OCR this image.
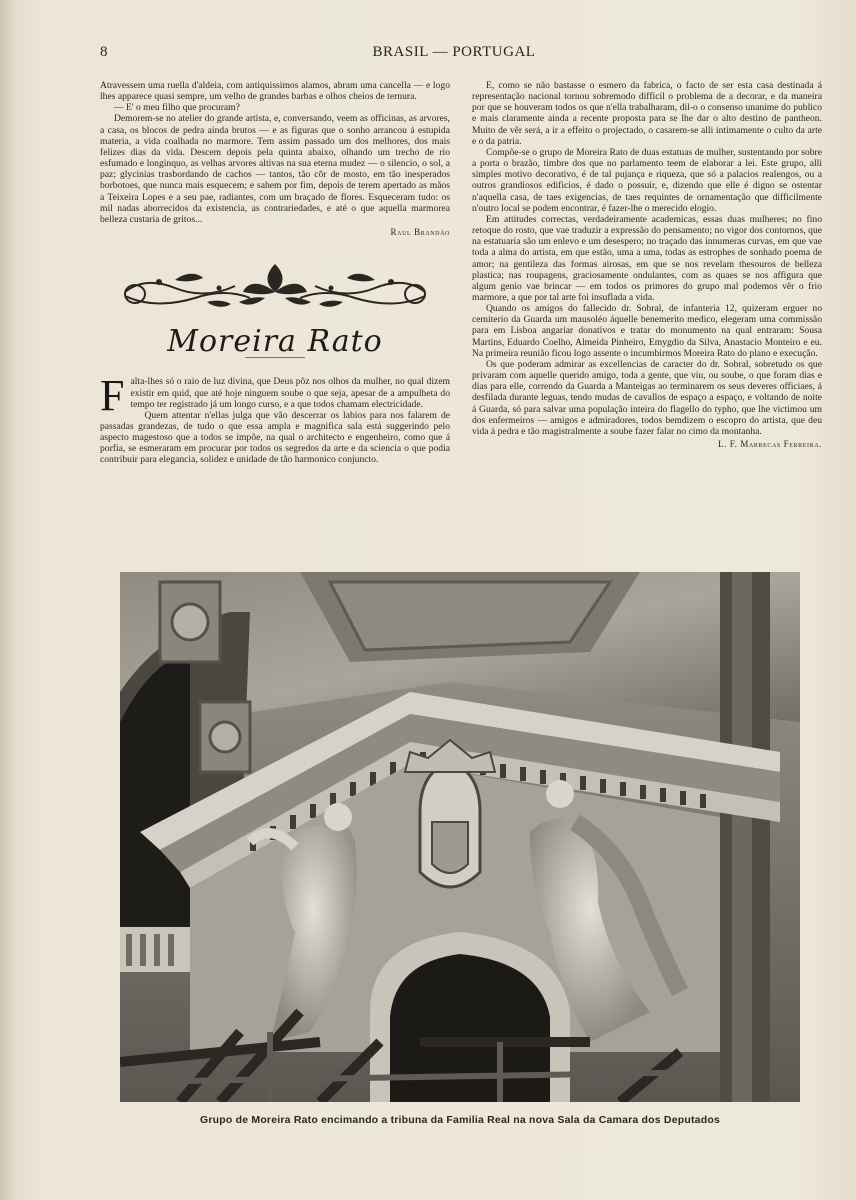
8	BRASIL — PORTUGAL

Atravessem uma ruella d'aldeia, com antiquissimos alamos, abram uma cancella — e logo lhes apparece quasi sempre, um velho de grandes barbas e olhos cheios de ternura.

— E' o meu filho que procuram?

Demorem-se no atelier do grande artista, e, conversando, veem as officinas, as arvores, a casa, os blocos de pedra ainda brutos — e as figuras que o sonho arrancou á estupida materia, a vida coalhada no marmore. Tem assim passado um dos melhores, dos mais felizes dias da vida. Descem depois pela quinta abaixo, olhando um trecho de rio esfumado e longinquo, as velhas arvores altivas na sua eterna mudez — o silencio, o sol, a paz; glycinias trasbordando de cachos — tantos, tão côr de mosto, em tão inesperados borbotoes, que nunca mais esquecem; e sahem por fim, depois de terem apertado as mãos a Teixeira Lopes e a seu pae, radiantes, com um braçado de flores. Esqueceram tudo: os mil nadas aborrecidos da existencia, as contrariedades, e até o que aquella marmorea belleza custaria de gritos...

Raul Brandão
Moreira Rato
F alta-lhes só o raio de luz divina, que Deus pôz nos olhos da mulher, no qual dizem existir em quid, que até hoje ninguem soube o que seja, apesar de a ampulheta do tempo ter registrado já um longo curso, e a que todos chamam electricidade.

Quem attentar n'ellas julga que vão descerrar os labios para nos falarem de passadas grandezas, de tudo o que essa ampla e magnifica sala está suggerindo pelo aspecto magestoso que a todos se impõe, na qual o architecto e engenheiro, como que á porfia, se esmeraram em procurar por todos os segredos da arte e da sciencia o que podia contribuir para elegancia, solidez e unidade de tão harmonico conjuncto.

E, como se não bastasse o esmero da fabrica, o facto de ser esta casa destinada á representação nacional tornou sobremodo difficil o problema de a decorar, e da maneira por que se houveram todos os que n'ella trabalharam, dil-o o consenso unanime do publico e mais claramente ainda a recente proposta para se lhe dar o alto destino de pantheon. Muito de vêr será, a ir a effeito o projectado, o casarem-se alli intimamente o culto da arte e o da patria.

Compõe-se o grupo de Moreira Rato de duas estatuas de mulher, sustentando por sobre a porta o brazão, timbre dos que no parlamento teem de elaborar a lei. Este grupo, alli simples motivo decorativo, é de tal pujança e riqueza, que só a palacios realengos, ou a outros grandiosos edificios, é dado o possuir, e, dizendo que elle é digno se ostentar n'aquella casa, de taes exigencias, de taes requintes de ornamentação que difficilmente n'outro local se podem encontrar, é fazer-lhe o merecido elogio.

Em attitudes correctas, verdadeiramente academicas, essas duas mulheres; no fino retoque do rosto, que vae traduzir a expressão do pensamento; no vigor dos contornos, que na estatuaria são um enlevo e um desespero; no traçado das innumeras curvas, em que vae toda a alma do artista, em que estão, uma a uma, todas as estrophes de sonhado poema de amor; na gentileza das formas airosas, em que se nos revelam thesouros de belleza plastica; nas roupagens, graciosamente ondulantes, com as quaes se nos affigura que algum genio vae brincar — em todos os primores do grupo mal podemos vêr o frio marmore, a que por tal arte foi insuflada a vida.

Quando os amigos do fallecido dr. Sobral, de infanteria 12, quizeram erguer no cemiterio da Guarda um mausoléo áquelle benemerito medico, elegeram uma commissão para em Lisboa angariar donativos e tratar do monumento na qual entraram: Sousa Martins, Eduardo Coelho, Almeida Pinheiro, Emygdio da Silva, Anastacio Monteiro e eu. Na primeira reunião ficou logo assente o incumbirmos Moreira Rato do plano e execução.

Os que poderam admirar as excellencias de caracter do dr. Sobral, sobretudo os que privaram com aquelle querido amigo, toda a gente, que viu, ou soube, o que foram dias e dias para elle, correndo da Guarda a Manteigas ao terminarem os seus deveres officiaes, á desfilada durante leguas, tendo mudas de cavallos de espaço a espaço, e voltando de noite á Guarda, só para salvar uma população inteira do flagello do typho, que lhe victimou um dos enfermeiros — amigos e admiradores, todos bemdizem o escopro do artista, que deu vida á pedra e tão magistralmente a soube fazer falar no cimo da montanha.

L. F. Marrecas Ferreira.
Grupo de Moreira Rato encimando a tribuna da Familia Real na nova Sala da Camara dos Deputados
